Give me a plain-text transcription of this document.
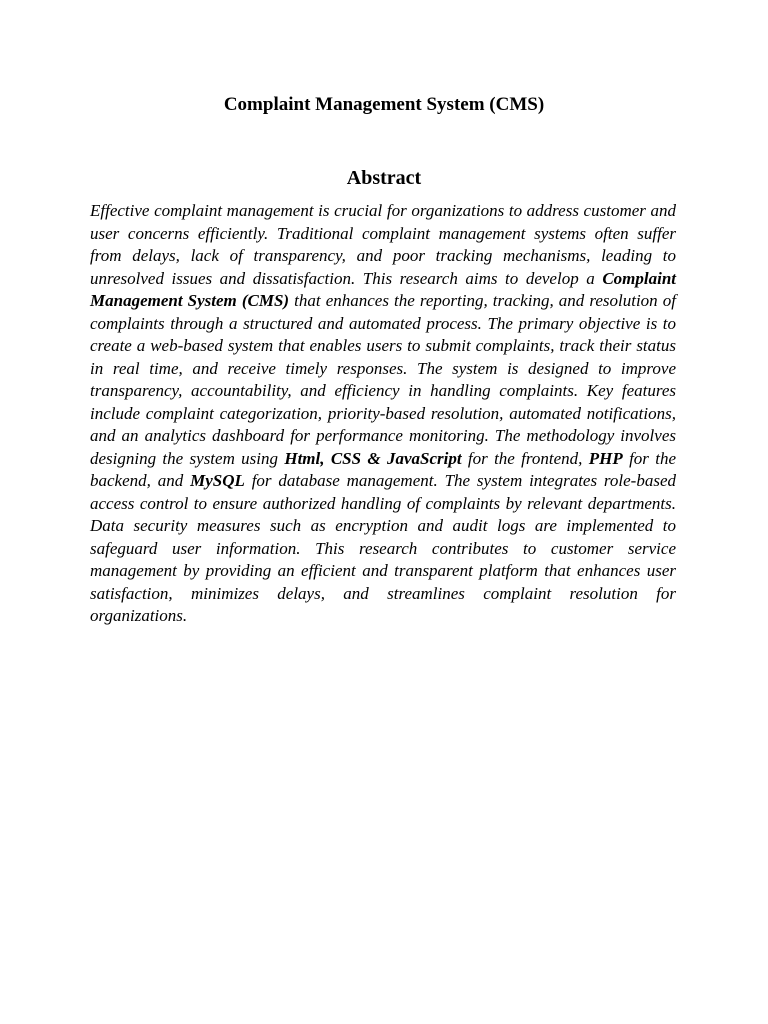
Complaint Management System (CMS)
Abstract

Effective complaint management is crucial for organizations to address customer and user concerns efficiently. Traditional complaint management systems often suffer from delays, lack of transparency, and poor tracking mechanisms, leading to unresolved issues and dissatisfaction. This research aims to develop a Complaint Management System (CMS) that enhances the reporting, tracking, and resolution of complaints through a structured and automated process. The primary objective is to create a web-based system that enables users to submit complaints, track their status in real time, and receive timely responses. The system is designed to improve transparency, accountability, and efficiency in handling complaints. Key features include complaint categorization, priority-based resolution, automated notifications, and an analytics dashboard for performance monitoring. The methodology involves designing the system using Html, CSS & JavaScript for the frontend, PHP for the backend, and MySQL for database management. The system integrates role-based access control to ensure authorized handling of complaints by relevant departments. Data security measures such as encryption and audit logs are implemented to safeguard user information. This research contributes to customer service management by providing an efficient and transparent platform that enhances user satisfaction, minimizes delays, and streamlines complaint resolution for organizations.
